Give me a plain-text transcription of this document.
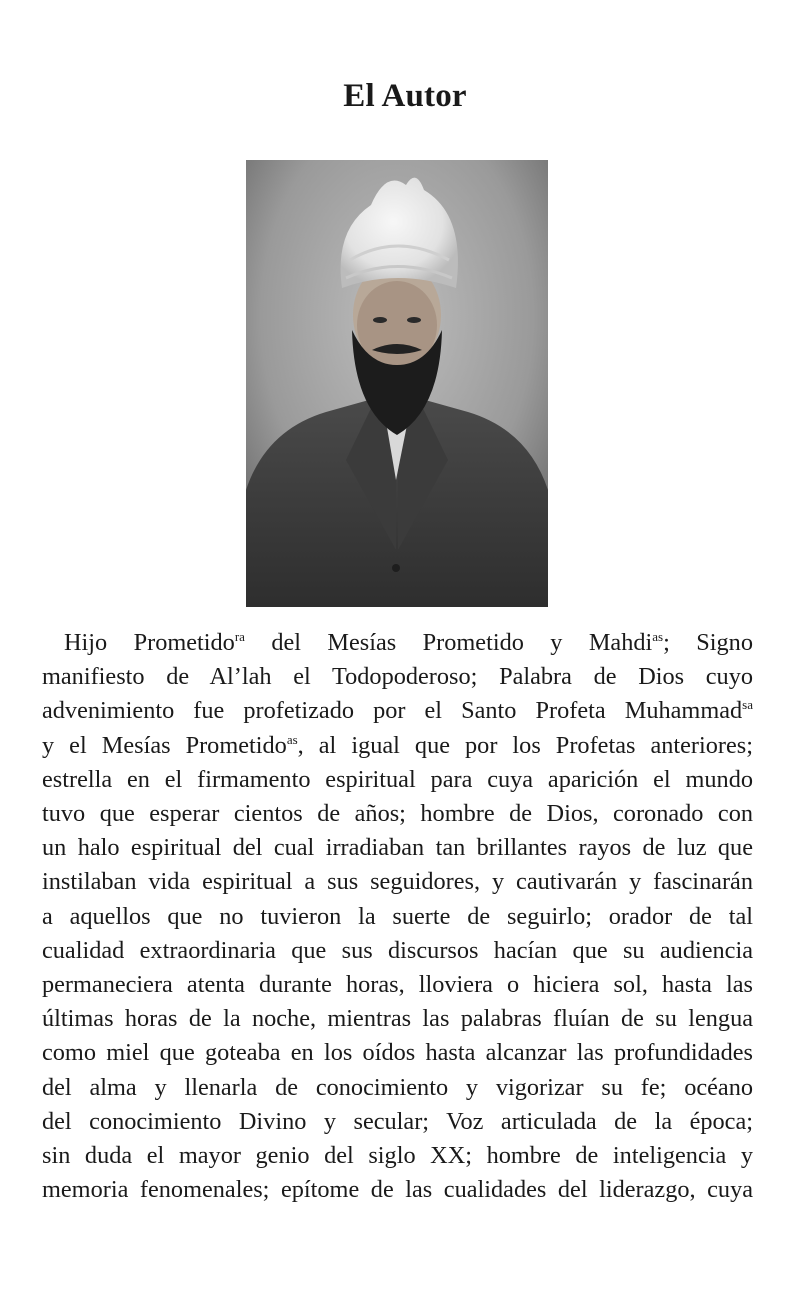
El Autor

Hijo Prometido$^{ra}$ del Mesías Prometido y Mahdi$^{as}$; Signo
manifiesto de Al’lah el Todopoderoso; Palabra de Dios cuyo
advenimiento fue profetizado por el Santo Profeta Muhammad$^{sa}$
y el Mesías Prometido$^{as}$, al igual que por los Profetas anteriores;
estrella en el firmamento espiritual para cuya aparición el mundo
tuvo que esperar cientos de años; hombre de Dios, coronado con
un halo espiritual del cual irradiaban tan brillantes rayos de luz que
instilaban vida espiritual a sus seguidores, y cautivarán y fascinarán
a aquellos que no tuvieron la suerte de seguirlo; orador de tal
cualidad extraordinaria que sus discursos hacían que su audiencia
permaneciera atenta durante horas, lloviera o hiciera sol, hasta las
últimas horas de la noche, mientras las palabras fluían de su lengua
como miel que goteaba en los oídos hasta alcanzar las profundidades
del alma y llenarla de conocimiento y vigorizar su fe; océano
del conocimiento Divino y secular; Voz articulada de la época;
sin duda el mayor genio del siglo XX; hombre de inteligencia y
memoria fenomenales; epítome de las cualidades del liderazgo, cuya
